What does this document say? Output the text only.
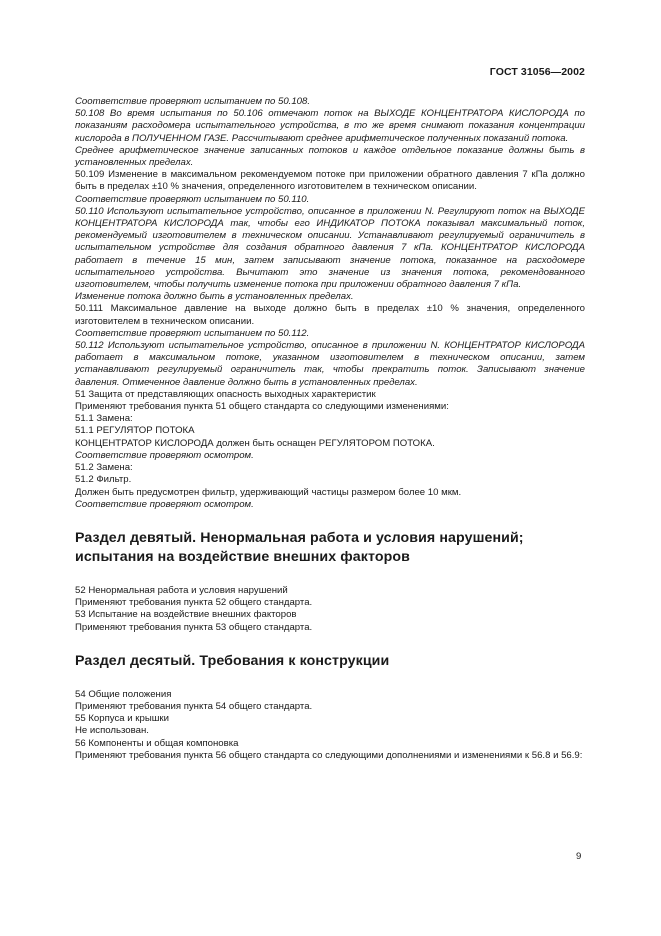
ГОСТ 31056—2002

Соответствие проверяют испытанием по 50.108.

50.108 Во время испытания по 50.106 отмечают поток на ВЫХОДЕ КОНЦЕНТРАТОРА КИСЛОРОДА по показаниям расходомера испытательного устройства, в то же время снимают показания концентрации кислорода в ПОЛУЧЕННОМ ГАЗЕ. Рассчитывают среднее арифметическое полученных показаний потока.

Среднее арифметическое значение записанных потоков и каждое отдельное показание должны быть в установленных пределах.

50.109 Изменение в максимальном рекомендуемом потоке при приложении обратного давления 7 кПа должно быть в пределах ±10 % значения, определенного изготовителем в техническом описании.

Соответствие проверяют испытанием по 50.110.

50.110 Используют испытательное устройство, описанное в приложении N. Регулируют поток на ВЫХОДЕ КОНЦЕНТРАТОРА КИСЛОРОДА так, чтобы его ИНДИКАТОР ПОТОКА показывал максимальный поток, рекомендуемый изготовителем в техническом описании. Устанавливают регулируемый ограничитель в испытательном устройстве для создания обратного давления 7 кПа. КОНЦЕНТРАТОР КИСЛОРОДА работает в течение 15 мин, затем записывают значение потока, показанное на расходомере испытательного устройства. Вычитают это значение из значения потока, рекомендованного изготовителем, чтобы получить изменение потока при приложении обратного давления 7 кПа.

Изменение потока должно быть в установленных пределах.

50.111 Максимальное давление на выходе должно быть в пределах ±10 % значения, определенного изготовителем в техническом описании.

Соответствие проверяют испытанием по 50.112.

50.112 Используют испытательное устройство, описанное в приложении N. КОНЦЕНТРАТОР КИСЛОРОДА работает в максимальном потоке, указанном изготовителем в техническом описании, затем устанавливают регулируемый ограничитель так, чтобы прекратить поток. Записывают значение давления. Отмеченное давление должно быть в установленных пределах.

51 Защита от представляющих опасность выходных характеристик

Применяют требования пункта 51 общего стандарта со следующими изменениями:

51.1 Замена:

51.1 РЕГУЛЯТОР ПОТОКА

КОНЦЕНТРАТОР КИСЛОРОДА должен быть оснащен РЕГУЛЯТОРОМ ПОТОКА.

Соответствие проверяют осмотром.

51.2 Замена:

51.2 Фильтр.

Должен быть предусмотрен фильтр, удерживающий частицы размером более 10 мкм.

Соответствие проверяют осмотром.

Раздел девятый. Ненормальная работа и условия нарушений;
испытания на воздействие внешних факторов

52 Ненормальная работа и условия нарушений

Применяют требования пункта 52 общего стандарта.

53 Испытание на воздействие внешних факторов

Применяют требования пункта 53 общего стандарта.

Раздел десятый. Требования к конструкции

54 Общие положения

Применяют требования пункта 54 общего стандарта.

55 Корпуса и крышки

Не использован.

56 Компоненты и общая компоновка

Применяют требования пункта 56 общего стандарта со следующими дополнениями и изменениями к 56.8 и 56.9:

9
